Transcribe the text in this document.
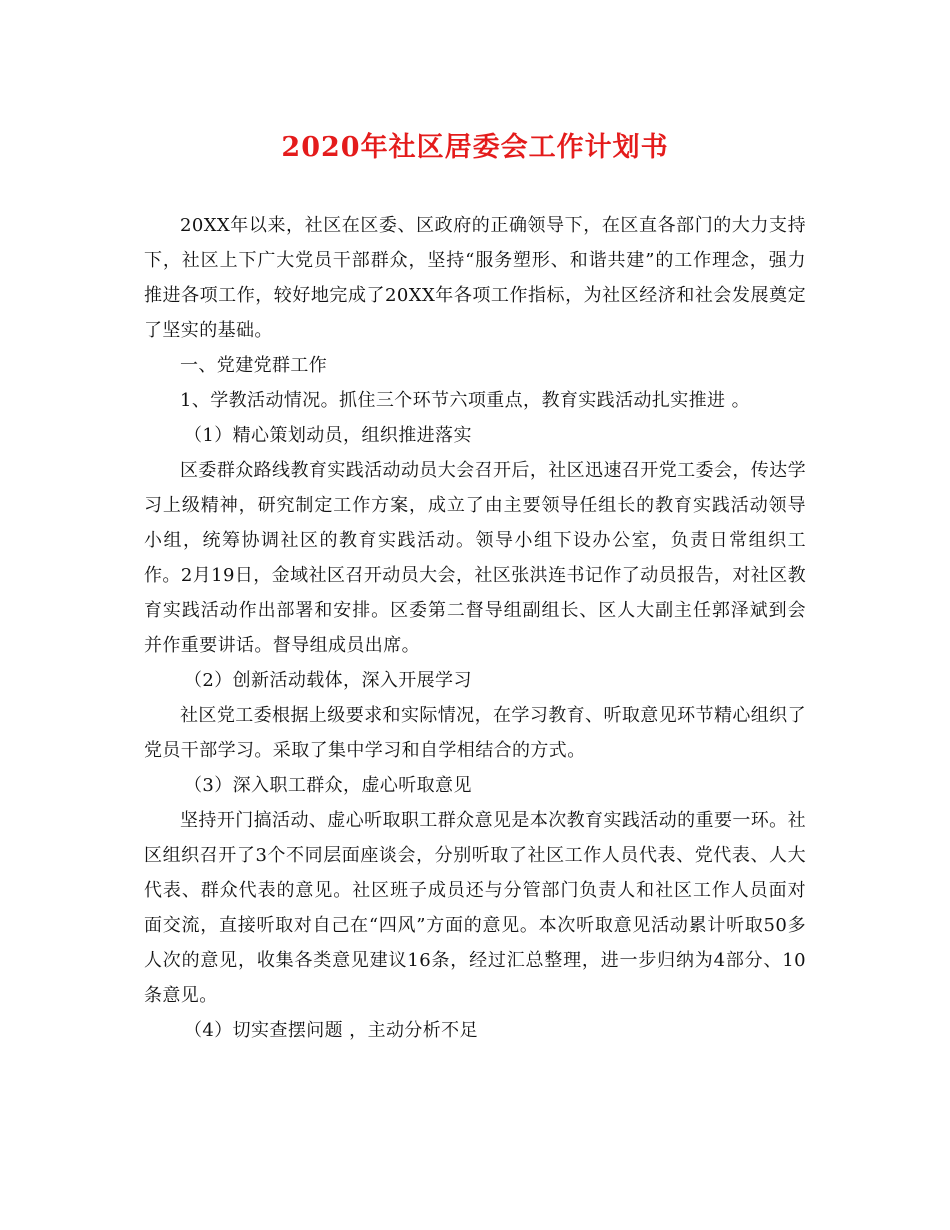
2020年社区居委会工作计划书

20XX年以来，社区在区委、区政府的正确领导下，在区直各部门的大力支持下，社区上下广大党员干部群众，坚持“服务塑形、和谐共建”的工作理念，强力推进各项工作，较好地完成了20XX年各项工作指标，为社区经济和社会发展奠定了坚实的基础。

一、党建党群工作

1、学教活动情况。抓住三个环节六项重点，教育实践活动扎实推进 。

（1）精心策划动员，组织推进落实

区委群众路线教育实践活动动员大会召开后，社区迅速召开党工委会，传达学习上级精神，研究制定工作方案，成立了由主要领导任组长的教育实践活动领导小组，统筹协调社区的教育实践活动。领导小组下设办公室，负责日常组织工作。2月19日，金域社区召开动员大会，社区张洪连书记作了动员报告，对社区教育实践活动作出部署和安排。区委第二督导组副组长、区人大副主任郭泽斌到会并作重要讲话。督导组成员出席。

（2）创新活动载体，深入开展学习

社区党工委根据上级要求和实际情况，在学习教育、听取意见环节精心组织了党员干部学习。采取了集中学习和自学相结合的方式。

（3）深入职工群众，虚心听取意见

坚持开门搞活动、虚心听取职工群众意见是本次教育实践活动的重要一环。社区组织召开了3个不同层面座谈会，分别听取了社区工作人员代表、党代表、人大代表、群众代表的意见。社区班子成员还与分管部门负责人和社区工作人员面对面交流，直接听取对自己在“四风”方面的意见。本次听取意见活动累计听取50多人次的意见，收集各类意见建议16条，经过汇总整理，进一步归纳为4部分、10条意见。

（4）切实查摆问题 ，主动分析不足
